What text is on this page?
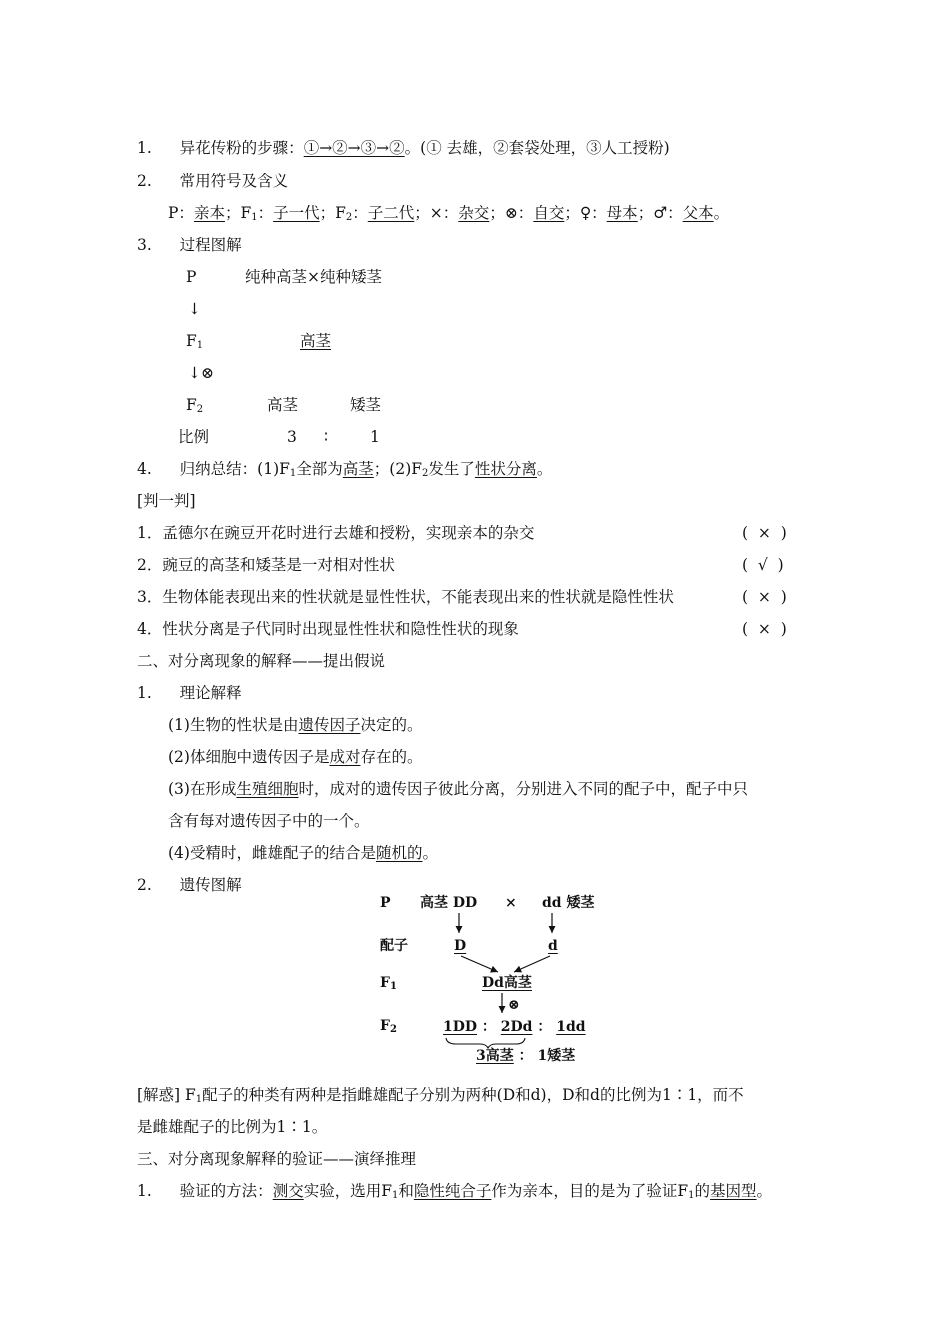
1. 异花传粉的步骤：①→②→③→②。(① 去雄，②套袋处理，③人工授粉)
2. 常用符号及含义
P：亲本；$F_1$：子一代；$F_2$：子二代；×：杂交；⊗：自交；♀：母本；♂：父本。
3. 过程图解
P	纯种高茎×纯种矮茎
↓
$F_1$	高茎
↓⊗
$F_2$	高茎	矮茎
比例	3 ∶	1
4. 归纳总结：$(1)F_1$全部为高茎；$(2)F_2$发生了性状分离。
[判一判]
1．孟德尔在豌豆开花时进行去雄和授粉，实现亲本的杂交	(  ×  )
2．豌豆的高茎和矮茎是一对相对性状	(  √  )
3．生物体能表现出来的性状就是显性性状，不能表现出来的性状就是隐性性状	(  ×  )
4．性状分离是子代同时出现显性性状和隐性性状的现象	(  ×  )
二、对分离现象的解释——提出假说
1. 理论解释
(1)生物的性状是由遗传因子决定的。
(2)体细胞中遗传因子是成对存在的。
(3)在形成生殖细胞时，成对的遗传因子彼此分离，分别进入不同的配子中，配子中只
含有每对遗传因子中的一个。
(4)受精时，雌雄配子的结合是随机的。
2. 遗传图解
P 高茎 DD × dd 矮茎
配子	D	d
$F_1$	Dd高茎
⊗
$F_2$	1DD ： 2Dd ： 1dd
3高茎 ： 1矮茎
[解惑] $F_1$配子的种类有两种是指雌雄配子分别为两种(D和d)，D和d的比例为1∶1，而不
是雌雄配子的比例为1∶1。
三、对分离现象解释的验证——演绎推理
1. 验证的方法：测交实验，选用$F_1$和隐性纯合子作为亲本，目的是为了验证$F_1$的基因型。
